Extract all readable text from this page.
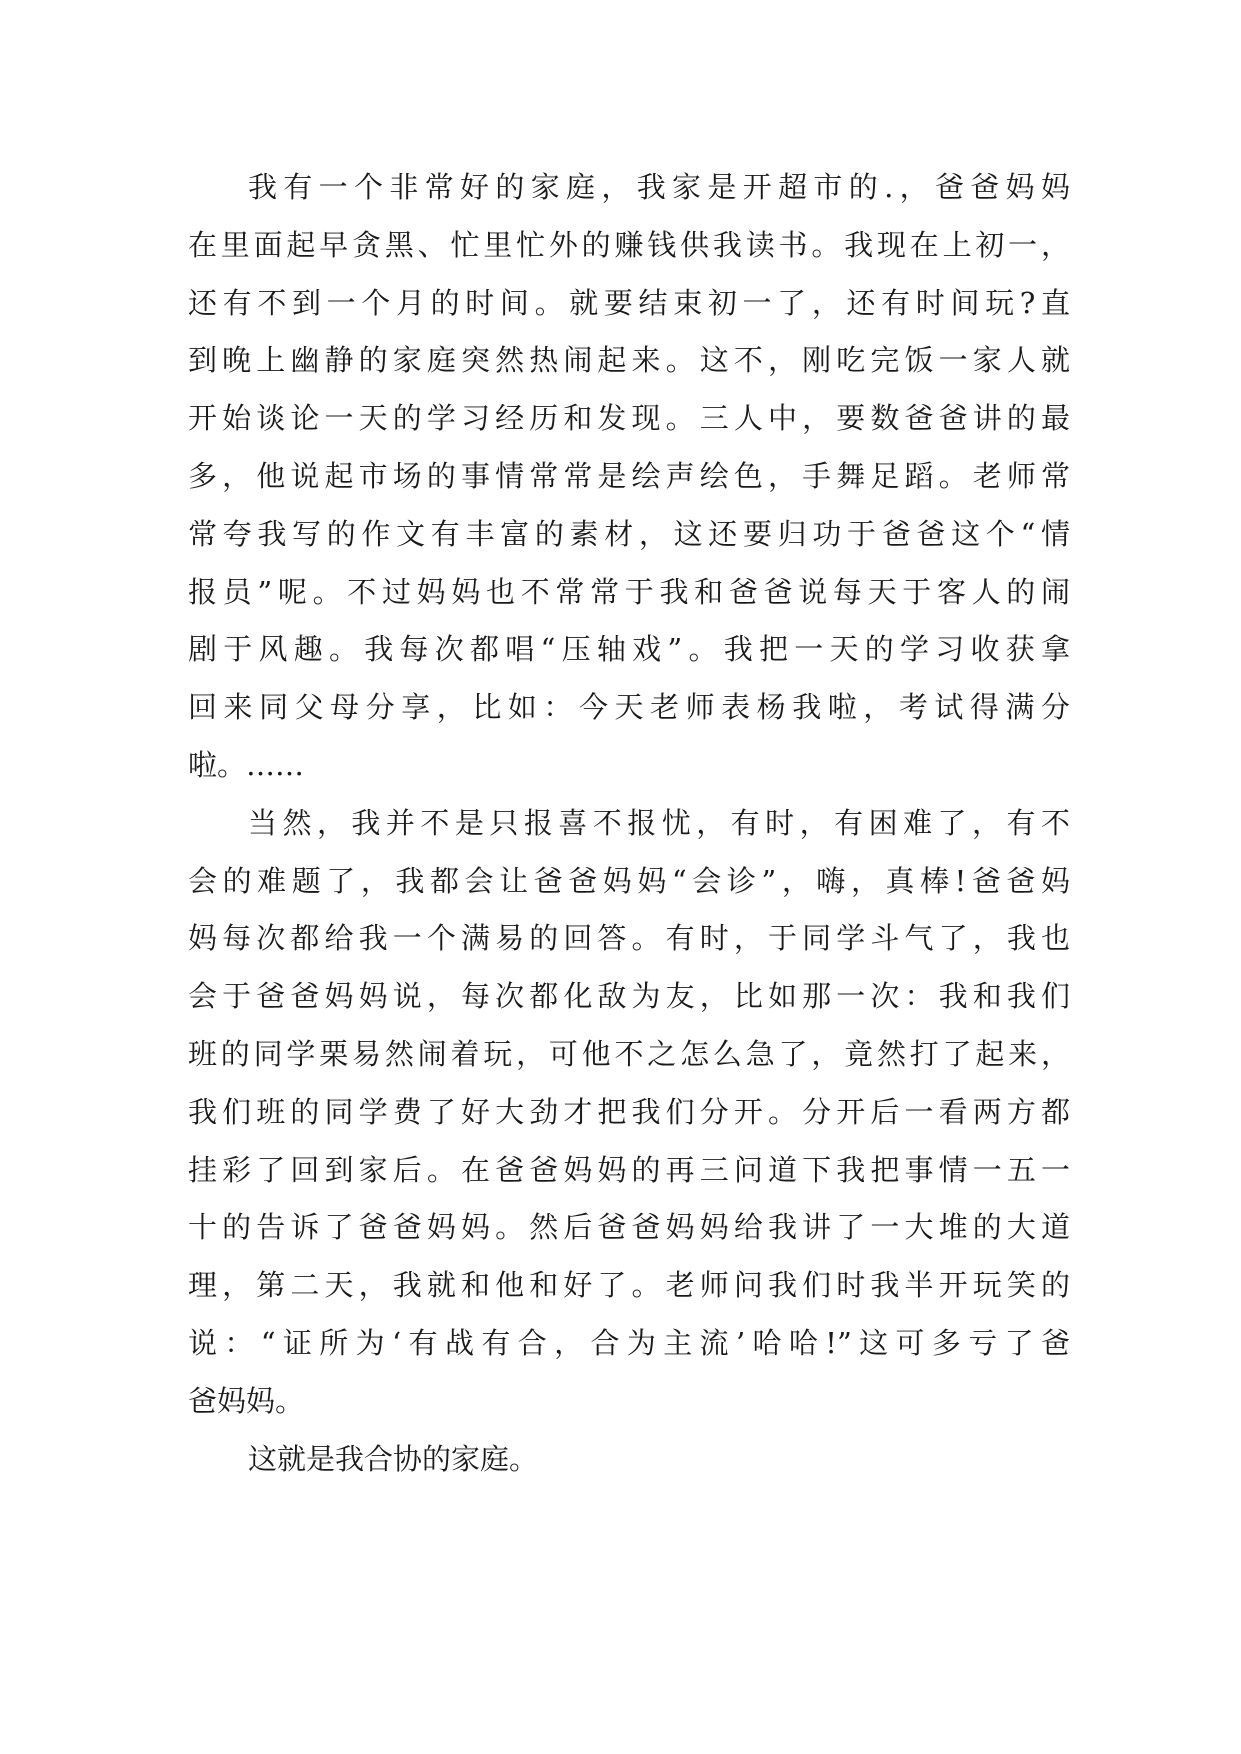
我有一个非常好的家庭，我家是开超市的.，爸爸妈妈
在里面起早贪黑、忙里忙外的赚钱供我读书。我现在上初一，
还有不到一个月的时间。就要结束初一了，还有时间玩?直
到晚上幽静的家庭突然热闹起来。这不，刚吃完饭一家人就
开始谈论一天的学习经历和发现。三人中，要数爸爸讲的最
多，他说起市场的事情常常是绘声绘色，手舞足蹈。老师常
常夸我写的作文有丰富的素材，这还要归功于爸爸这个“情
报员”呢。不过妈妈也不常常于我和爸爸说每天于客人的闹
剧于风趣。我每次都唱“压轴戏”。我把一天的学习收获拿
回来同父母分享，比如：今天老师表杨我啦，考试得满分
啦。……
当然，我并不是只报喜不报忧，有时，有困难了，有不
会的难题了，我都会让爸爸妈妈“会诊”，嗨，真棒!爸爸妈
妈每次都给我一个满易的回答。有时，于同学斗气了，我也
会于爸爸妈妈说，每次都化敌为友，比如那一次：我和我们
班的同学栗易然闹着玩，可他不之怎么急了，竟然打了起来，
我们班的同学费了好大劲才把我们分开。分开后一看两方都
挂彩了回到家后。在爸爸妈妈的再三问道下我把事情一五一
十的告诉了爸爸妈妈。然后爸爸妈妈给我讲了一大堆的大道
理，第二天，我就和他和好了。老师问我们时我半开玩笑的
说：“证所为‘有战有合，合为主流’哈哈!”这可多亏了爸
爸妈妈。
这就是我合协的家庭。
